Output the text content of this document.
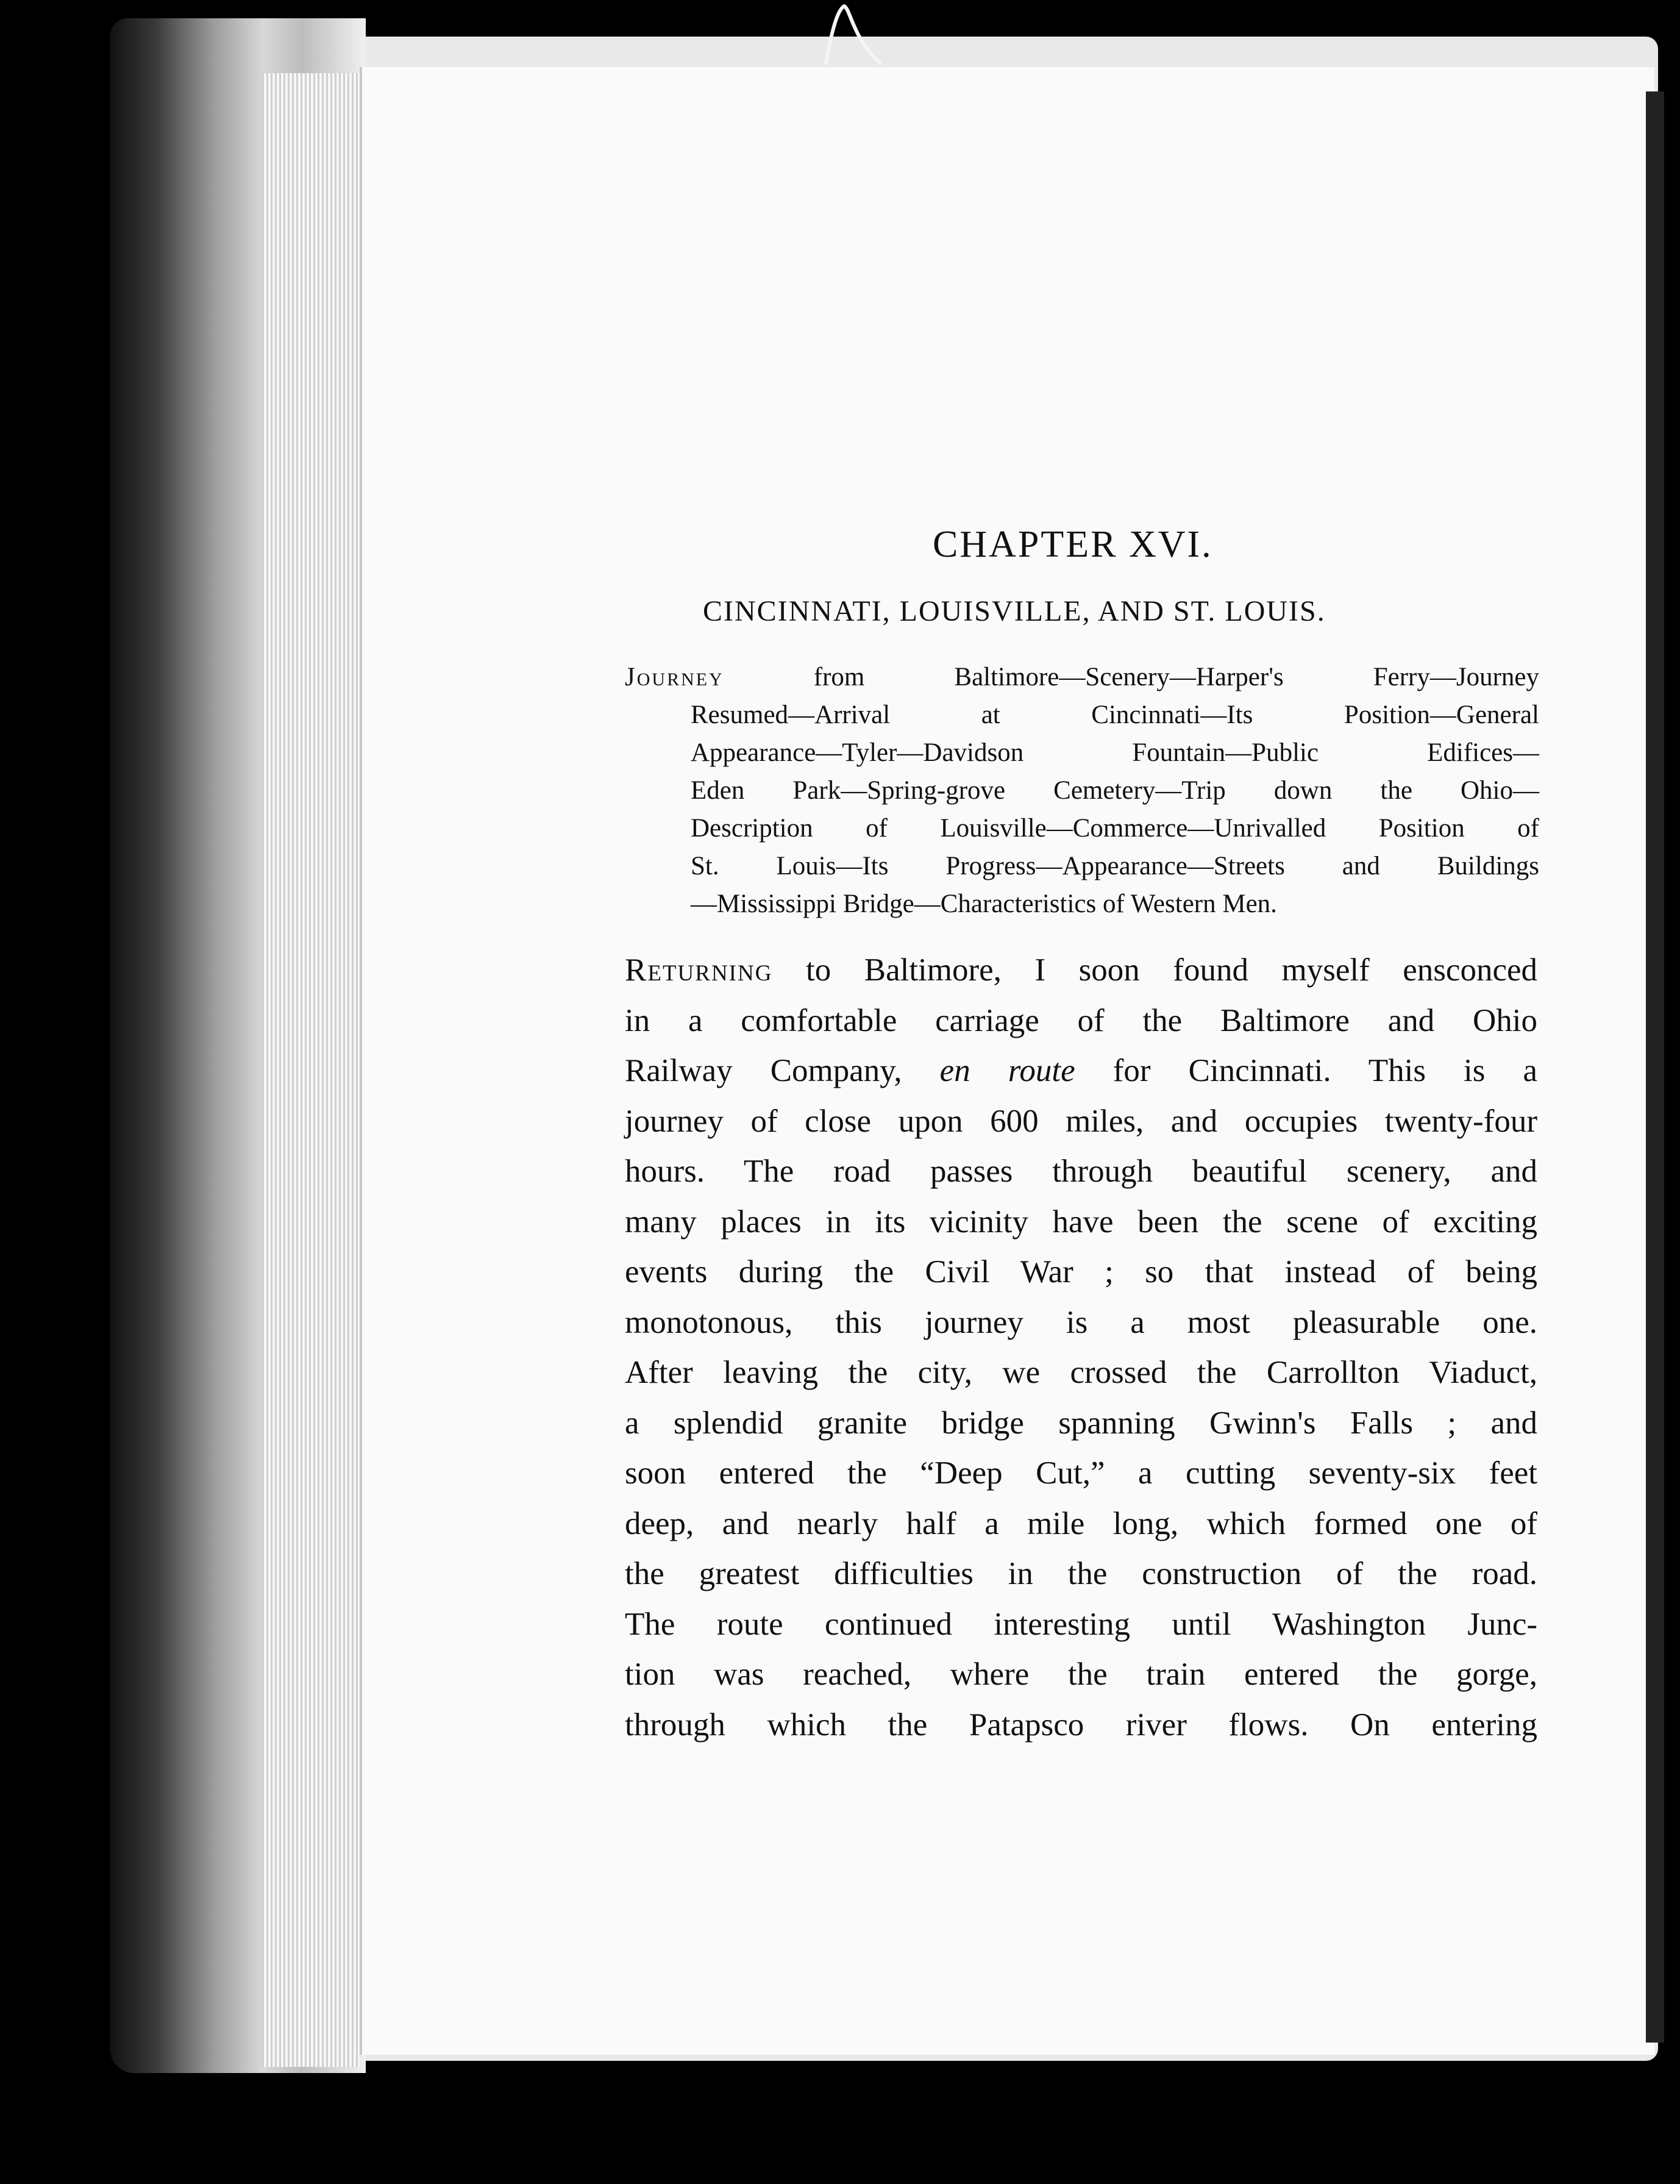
CHAPTER XVI.
CINCINNATI, LOUISVILLE, AND ST. LOUIS.
Journey from Baltimore—Scenery—Harper's Ferry—Journey
Resumed—Arrival at Cincinnati—Its Position—General
Appearance—Tyler—Davidson Fountain—Public Edifices—
Eden Park—Spring-grove Cemetery—Trip down the Ohio—
Description of Louisville—Commerce—Unrivalled Position of
St. Louis—Its Progress—Appearance—Streets and Buildings
—Mississippi Bridge—Characteristics of Western Men.
Returning to Baltimore, I soon found myself ensconced
in a comfortable carriage of the Baltimore and Ohio
Railway Company, en route for Cincinnati. This is a
journey of close upon 600 miles, and occupies twenty-four
hours. The road passes through beautiful scenery, and
many places in its vicinity have been the scene of exciting
events during the Civil War ; so that instead of being
monotonous, this journey is a most pleasurable one.
After leaving the city, we crossed the Carrollton Viaduct,
a splendid granite bridge spanning Gwinn's Falls ; and
soon entered the “Deep Cut,” a cutting seventy-six feet
deep, and nearly half a mile long, which formed one of
the greatest difficulties in the construction of the road.
The route continued interesting until Washington Junc-
tion was reached, where the train entered the gorge,
through which the Patapsco river flows. On entering
